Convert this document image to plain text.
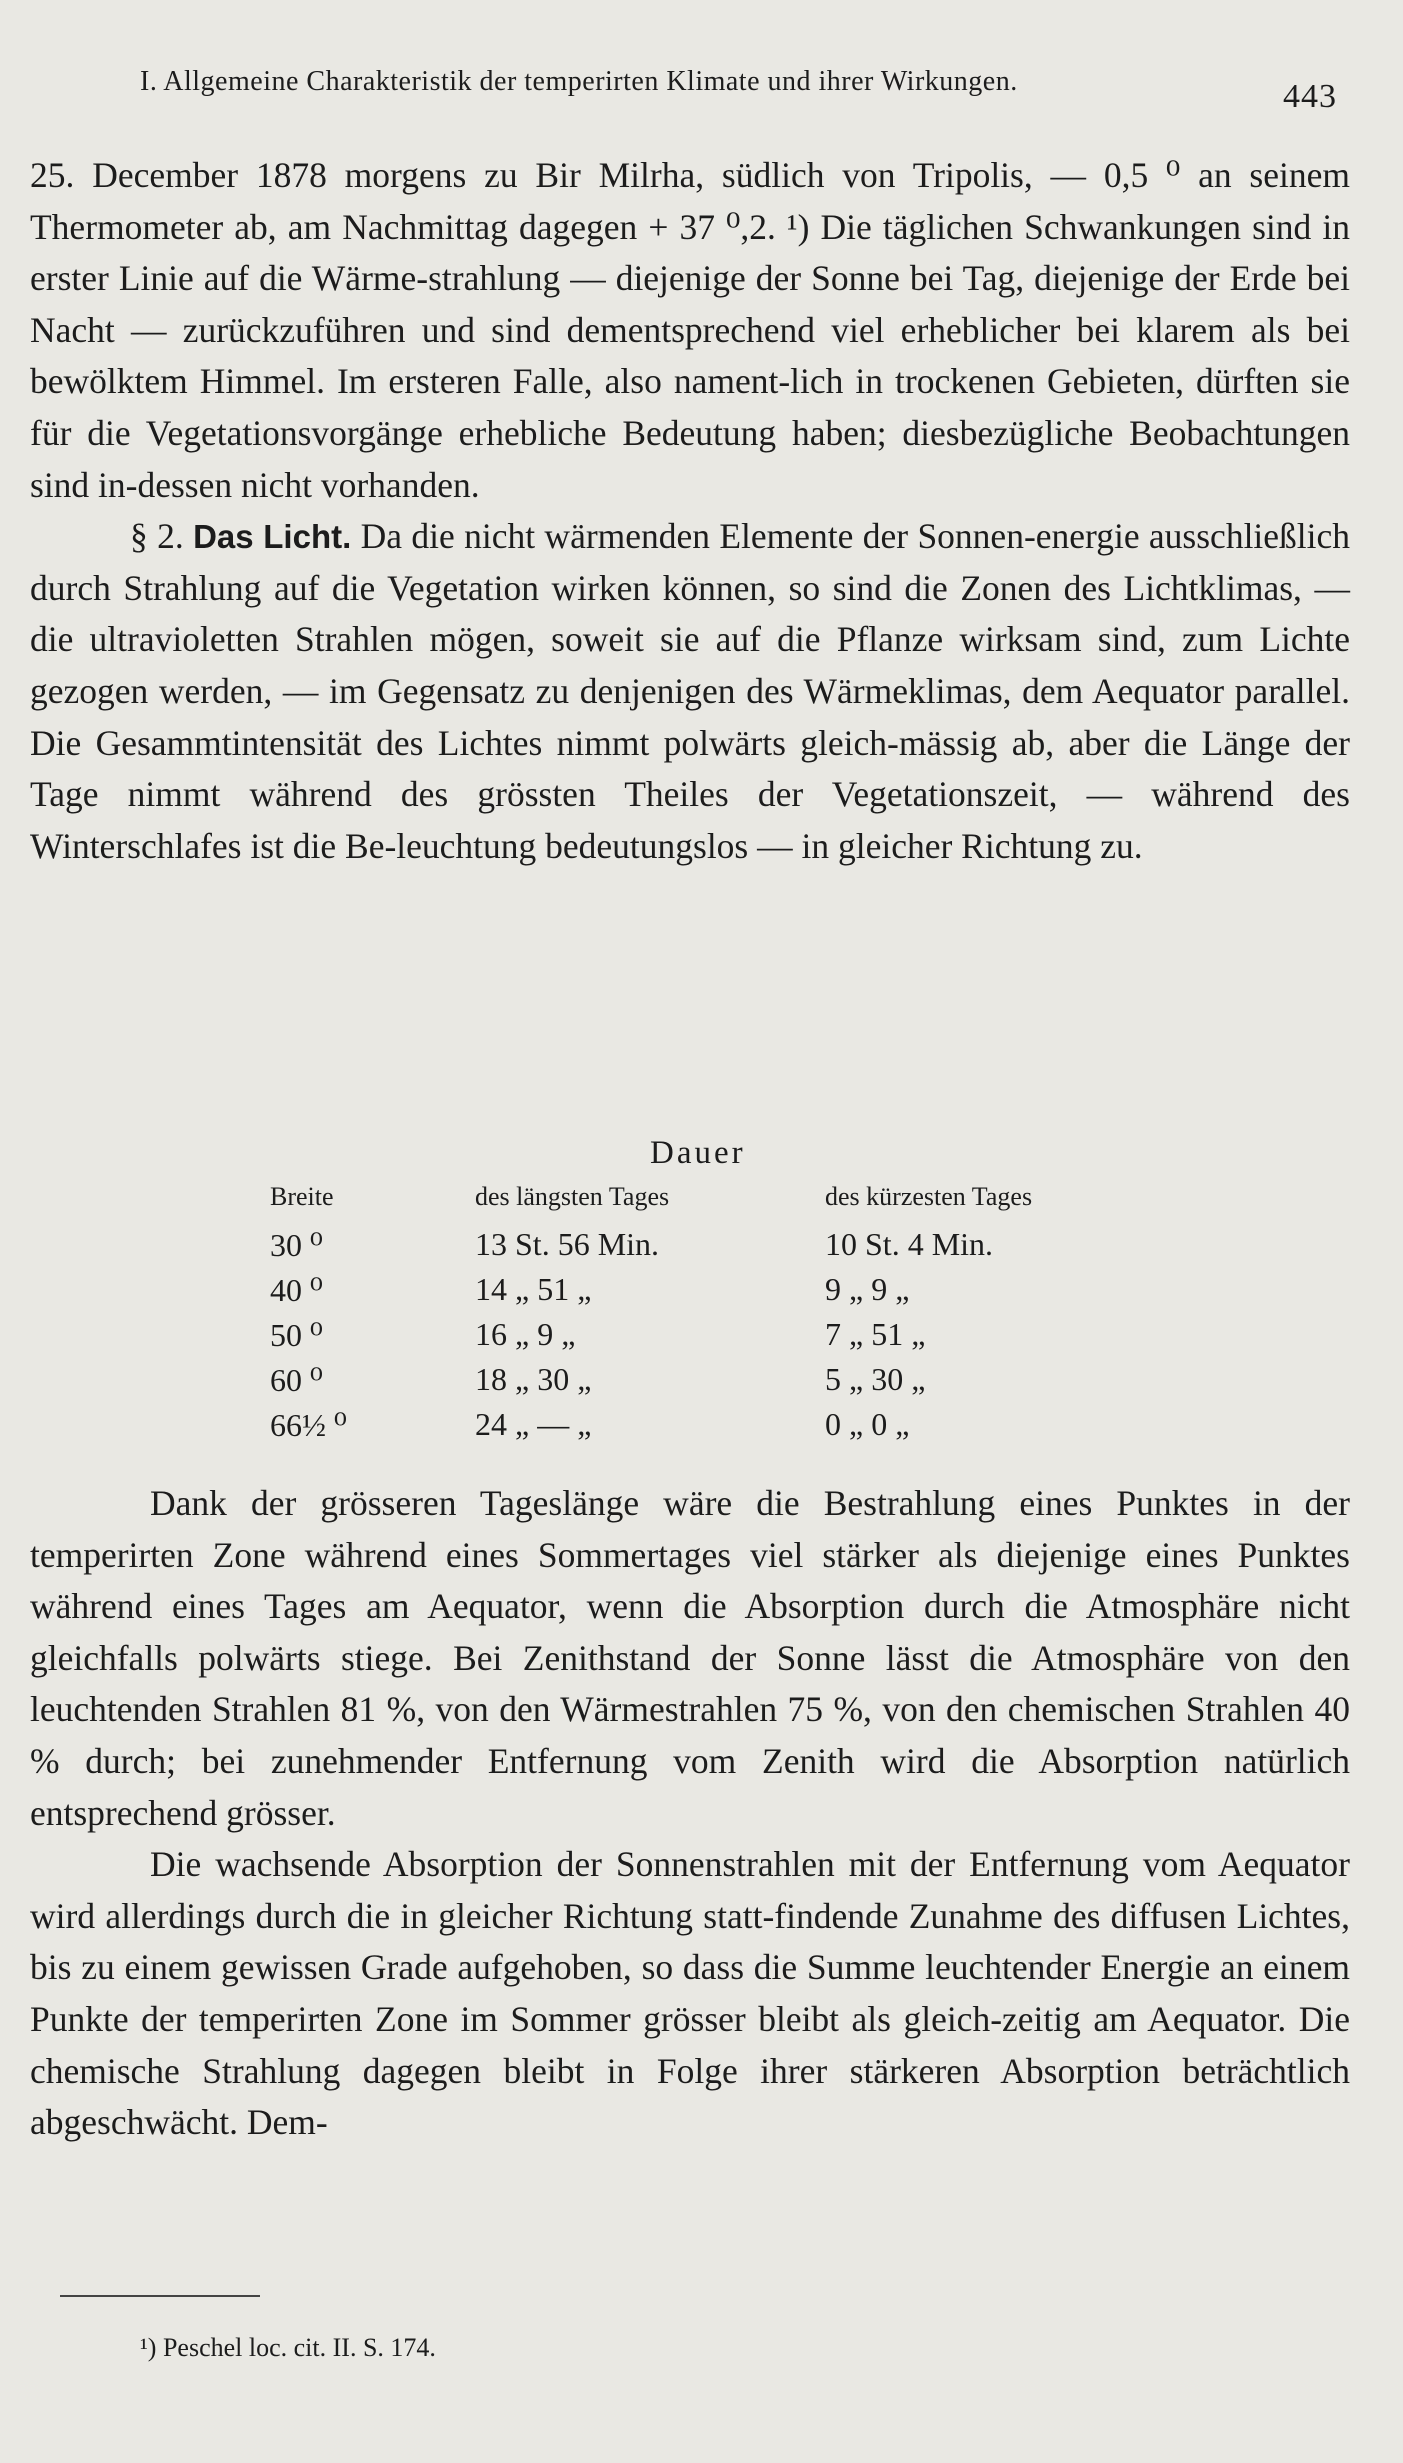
I. Allgemeine Charakteristik der temperirten Klimate und ihrer Wirkungen.	443

25. December 1878 morgens zu Bir Milrha, südlich von Tripolis, — 0,5 ⁰ an seinem Thermometer ab, am Nachmittag dagegen + 37 ⁰,2. ¹) Die täglichen Schwankungen sind in erster Linie auf die Wärme-strahlung — diejenige der Sonne bei Tag, diejenige der Erde bei Nacht — zurückzuführen und sind dementsprechend viel erheblicher bei klarem als bei bewölktem Himmel. Im ersteren Falle, also nament-lich in trockenen Gebieten, dürften sie für die Vegetationsvorgänge erhebliche Bedeutung haben; diesbezügliche Beobachtungen sind in-dessen nicht vorhanden.

§ 2. Das Licht. Da die nicht wärmenden Elemente der Sonnen-energie ausschließlich durch Strahlung auf die Vegetation wirken können, so sind die Zonen des Lichtklimas, — die ultravioletten Strahlen mögen, soweit sie auf die Pflanze wirksam sind, zum Lichte gezogen werden, — im Gegensatz zu denjenigen des Wärmeklimas, dem Aequator parallel. Die Gesammtintensität des Lichtes nimmt polwärts gleich-mässig ab, aber die Länge der Tage nimmt während des grössten Theiles der Vegetationszeit, — während des Winterschlafes ist die Be-leuchtung bedeutungslos — in gleicher Richtung zu.

Dauer
Breite	des längsten Tages	des kürzesten Tages
30 ⁰	13 St. 56 Min.	10 St. 4 Min.
40 ⁰	14 „ 51 „	9 „ 9 „
50 ⁰	16 „ 9 „	7 „ 51 „
60 ⁰	18 „ 30 „	5 „ 30 „
66½ ⁰	24 „ — „	0 „ 0 „

Dank der grösseren Tageslänge wäre die Bestrahlung eines Punktes in der temperirten Zone während eines Sommertages viel stärker als diejenige eines Punktes während eines Tages am Aequator, wenn die Absorption durch die Atmosphäre nicht gleichfalls polwärts stiege. Bei Zenithstand der Sonne lässt die Atmosphäre von den leuchtenden Strahlen 81 %, von den Wärmestrahlen 75 %, von den chemischen Strahlen 40 % durch; bei zunehmender Entfernung vom Zenith wird die Absorption natürlich entsprechend grösser.

Die wachsende Absorption der Sonnenstrahlen mit der Entfernung vom Aequator wird allerdings durch die in gleicher Richtung statt-findende Zunahme des diffusen Lichtes, bis zu einem gewissen Grade aufgehoben, so dass die Summe leuchtender Energie an einem Punkte der temperirten Zone im Sommer grösser bleibt als gleich-zeitig am Aequator. Die chemische Strahlung dagegen bleibt in Folge ihrer stärkeren Absorption beträchtlich abgeschwächt. Dem-

¹) Peschel loc. cit. II. S. 174.
